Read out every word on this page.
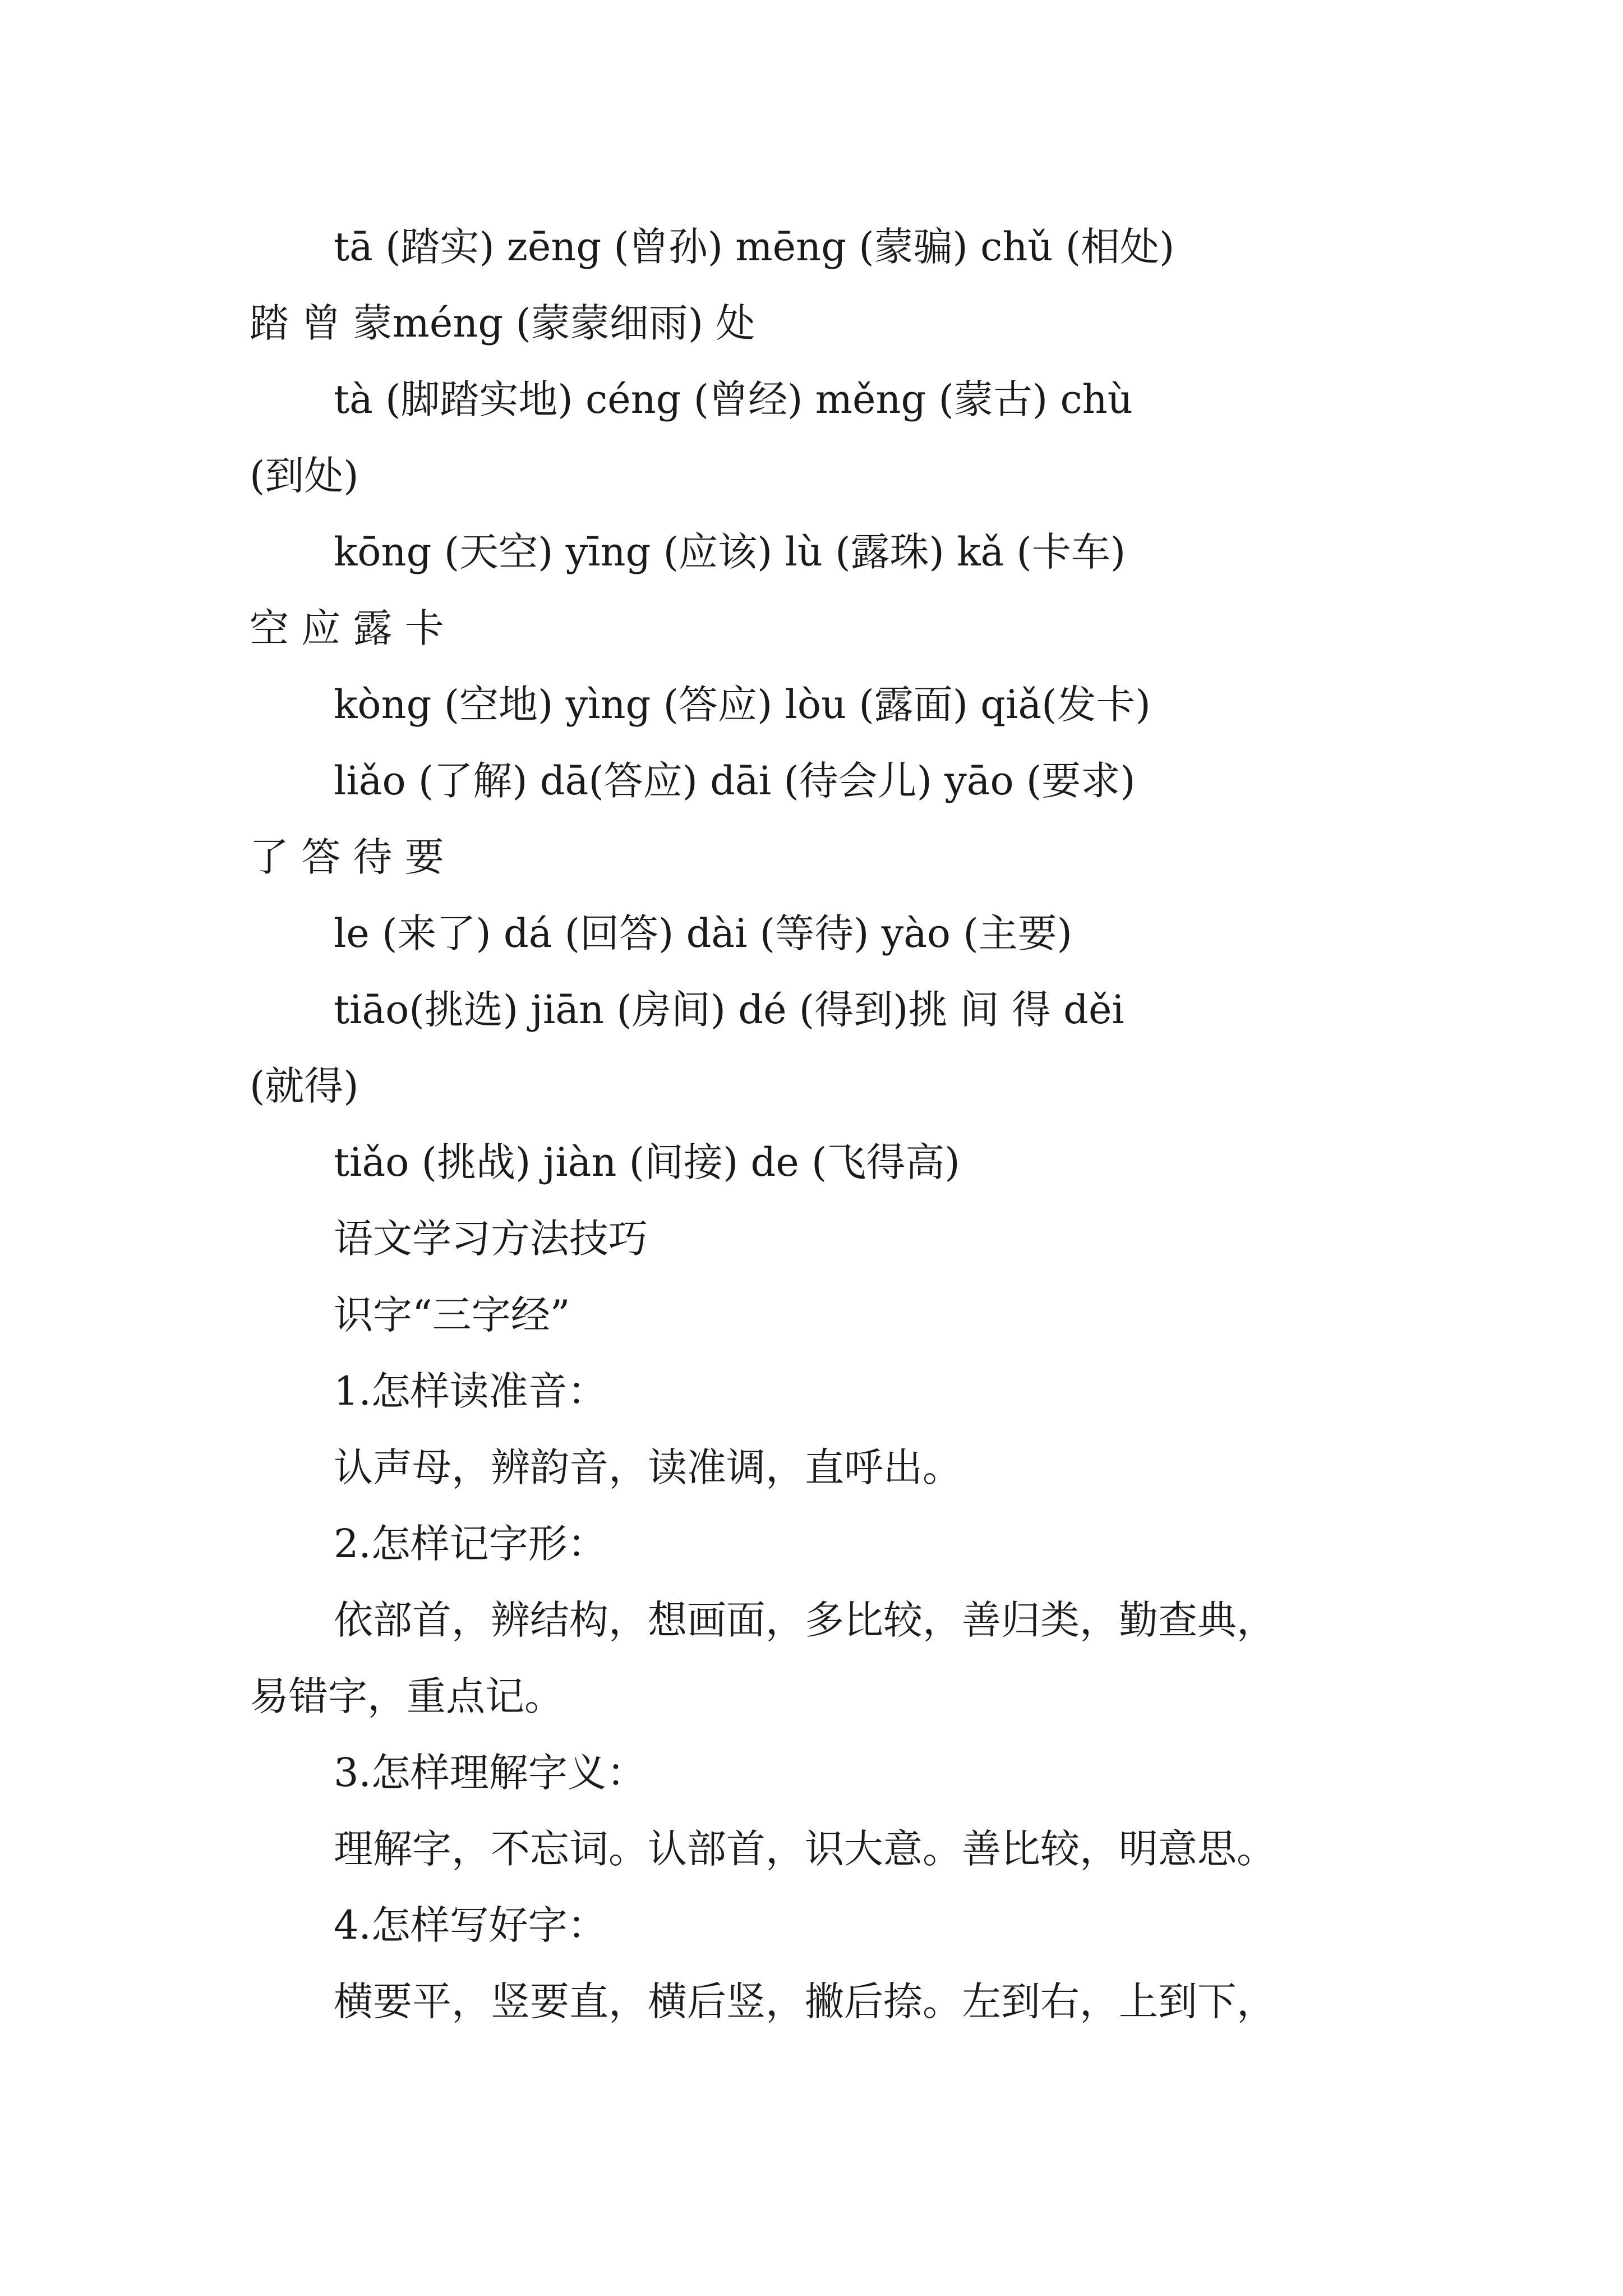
tā (踏实) zēng (曾孙) mēng (蒙骗) chǔ (相处)
踏 曾 蒙méng (蒙蒙细雨) 处
tà (脚踏实地) céng (曾经) měng (蒙古) chù
(到处)
kōng (天空) yīng (应该) lù (露珠) kǎ (卡车)
空 应 露 卡
kòng (空地) yìng (答应) lòu (露面) qiǎ(发卡)
liǎo (了解) dā(答应) dāi (待会儿) yāo (要求)
了 答 待 要
le (来了) dá (回答) dài (等待) yào (主要)
tiāo(挑选) jiān (房间) dé (得到)挑 间 得 děi
(就得)
tiǎo (挑战) jiàn (间接) de (飞得高)
语文学习方法技巧
识字“三字经”
1.怎样读准音：
认声母，辨韵音，读准调，直呼出。
2.怎样记字形：
依部首，辨结构，想画面，多比较，善归类，勤查典，
易错字，重点记。
3.怎样理解字义：
理解字，不忘词。认部首，识大意。善比较，明意思。
4.怎样写好字：
横要平，竖要直，横后竖，撇后捺。左到右，上到下，
